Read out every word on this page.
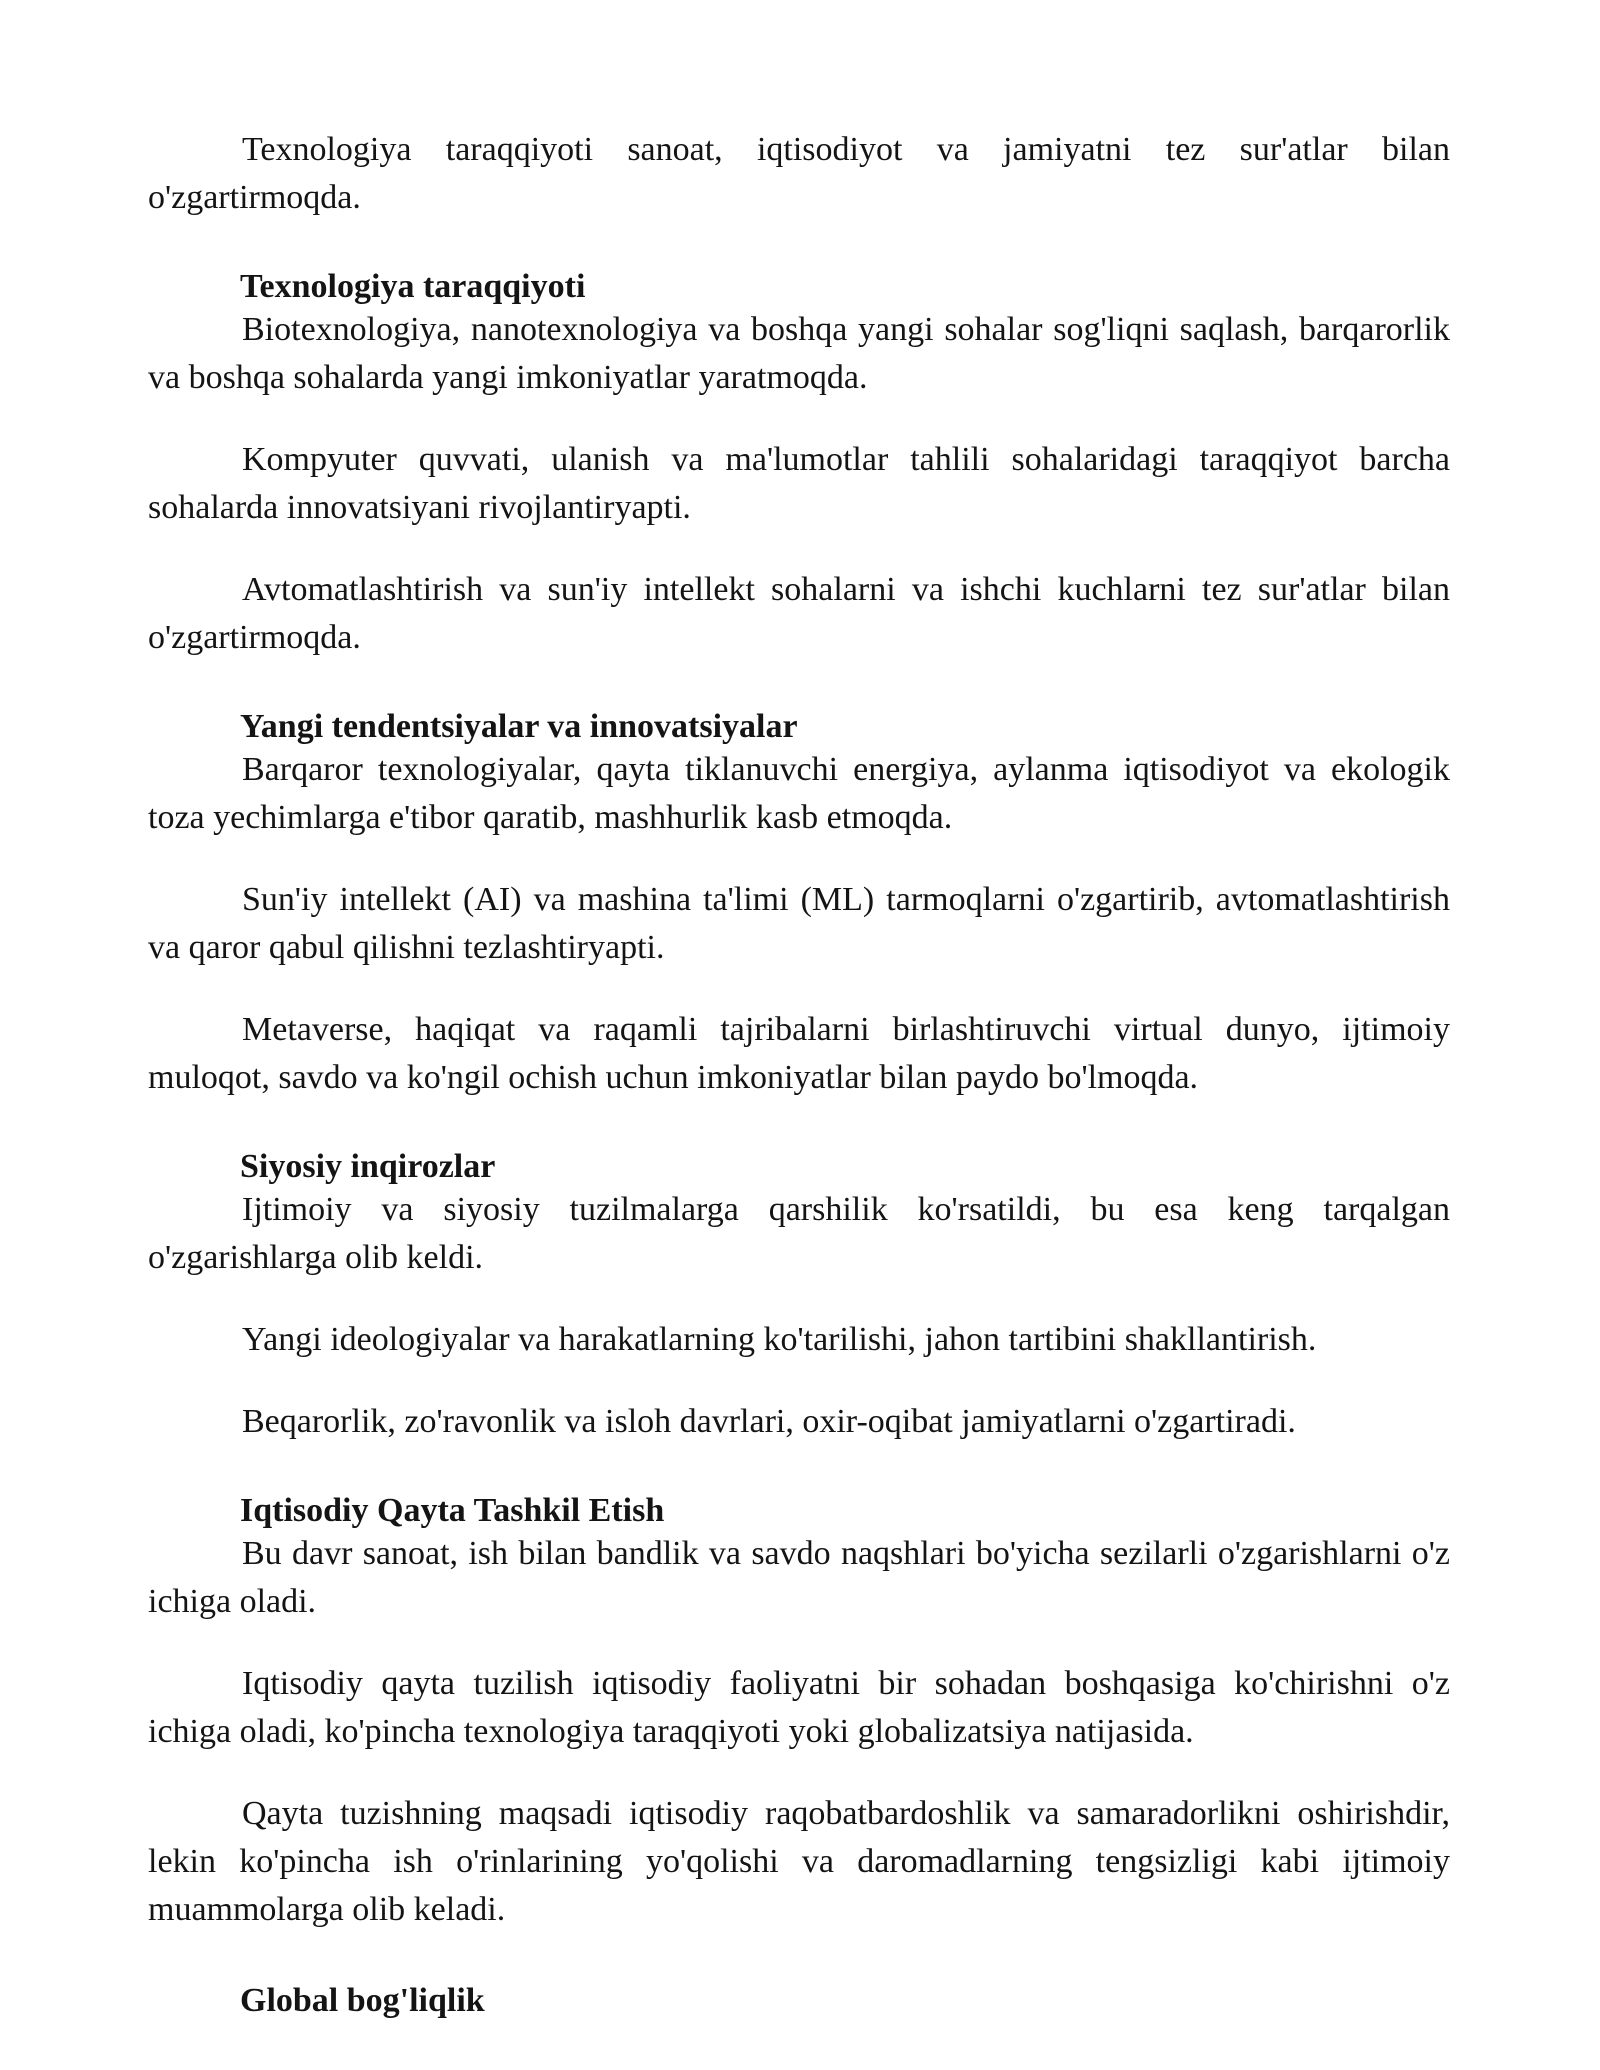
Texnologiya taraqqiyoti sanoat, iqtisodiyot va jamiyatni tez sur'atlar bilan o'zgartirmoqda.

Texnologiya taraqqiyoti

Biotexnologiya, nanotexnologiya va boshqa yangi sohalar sog'liqni saqlash, barqarorlik va boshqa sohalarda yangi imkoniyatlar yaratmoqda.

Kompyuter quvvati, ulanish va ma'lumotlar tahlili sohalaridagi taraqqiyot barcha sohalarda innovatsiyani rivojlantiryapti.

Avtomatlashtirish va sun'iy intellekt sohalarni va ishchi kuchlarni tez sur'atlar bilan o'zgartirmoqda.

Yangi tendentsiyalar va innovatsiyalar

Barqaror texnologiyalar, qayta tiklanuvchi energiya, aylanma iqtisodiyot va ekologik toza yechimlarga e'tibor qaratib, mashhurlik kasb etmoqda.

Sun'iy intellekt (AI) va mashina ta'limi (ML) tarmoqlarni o'zgartirib, avtomatlashtirish va qaror qabul qilishni tezlashtiryapti.

Metaverse, haqiqat va raqamli tajribalarni birlashtiruvchi virtual dunyo, ijtimoiy muloqot, savdo va ko'ngil ochish uchun imkoniyatlar bilan paydo bo'lmoqda.

Siyosiy inqirozlar

Ijtimoiy va siyosiy tuzilmalarga qarshilik ko'rsatildi, bu esa keng tarqalgan o'zgarishlarga olib keldi.

Yangi ideologiyalar va harakatlarning ko'tarilishi, jahon tartibini shakllantirish.

Beqarorlik, zo'ravonlik va isloh davrlari, oxir-oqibat jamiyatlarni o'zgartiradi.

Iqtisodiy Qayta Tashkil Etish

Bu davr sanoat, ish bilan bandlik va savdo naqshlari bo'yicha sezilarli o'zgarishlarni o'z ichiga oladi.

Iqtisodiy qayta tuzilish iqtisodiy faoliyatni bir sohadan boshqasiga ko'chirishni o'z ichiga oladi, ko'pincha texnologiya taraqqiyoti yoki globalizatsiya natijasida.

Qayta tuzishning maqsadi iqtisodiy raqobatbardoshlik va samaradorlikni oshirishdir, lekin ko'pincha ish o'rinlarining yo'qolishi va daromadlarning tengsizligi kabi ijtimoiy muammolarga olib keladi.

Global bog'liqlik
